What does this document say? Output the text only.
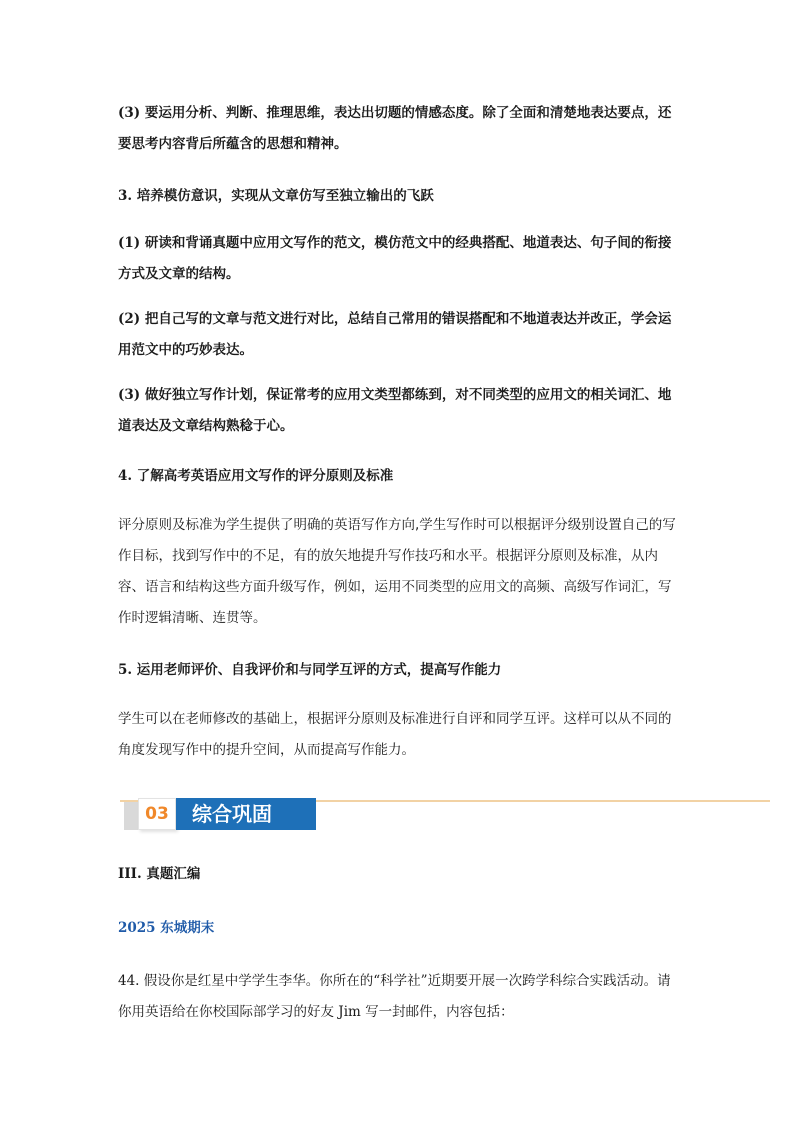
(3) 要运用分析、判断、推理思维，表达出切题的情感态度。除了全面和清楚地表达要点，还要思考内容背后所蕴含的思想和精神。

3. 培养模仿意识，实现从文章仿写至独立输出的飞跃

(1) 研读和背诵真题中应用文写作的范文，模仿范文中的经典搭配、地道表达、句子间的衔接方式及文章的结构。

(2) 把自己写的文章与范文进行对比，总结自己常用的错误搭配和不地道表达并改正，学会运用范文中的巧妙表达。

(3) 做好独立写作计划，保证常考的应用文类型都练到，对不同类型的应用文的相关词汇、地道表达及文章结构熟稔于心。

4. 了解高考英语应用文写作的评分原则及标准

评分原则及标准为学生提供了明确的英语写作方向,学生写作时可以根据评分级别设置自己的写作目标，找到写作中的不足，有的放矢地提升写作技巧和水平。根据评分原则及标准，从内容、语言和结构这些方面升级写作，例如，运用不同类型的应用文的高频、高级写作词汇，写作时逻辑清晰、连贯等。

5. 运用老师评价、自我评价和与同学互评的方式，提高写作能力

学生可以在老师修改的基础上，根据评分原则及标准进行自评和同学互评。这样可以从不同的角度发现写作中的提升空间，从而提高写作能力。

03	综合巩固

III. 真题汇编

2025 东城期末

44. 假设你是红星中学学生李华。你所在的“科学社”近期要开展一次跨学科综合实践活动。请你用英语给在你校国际部学习的好友 Jim 写一封邮件，内容包括：
